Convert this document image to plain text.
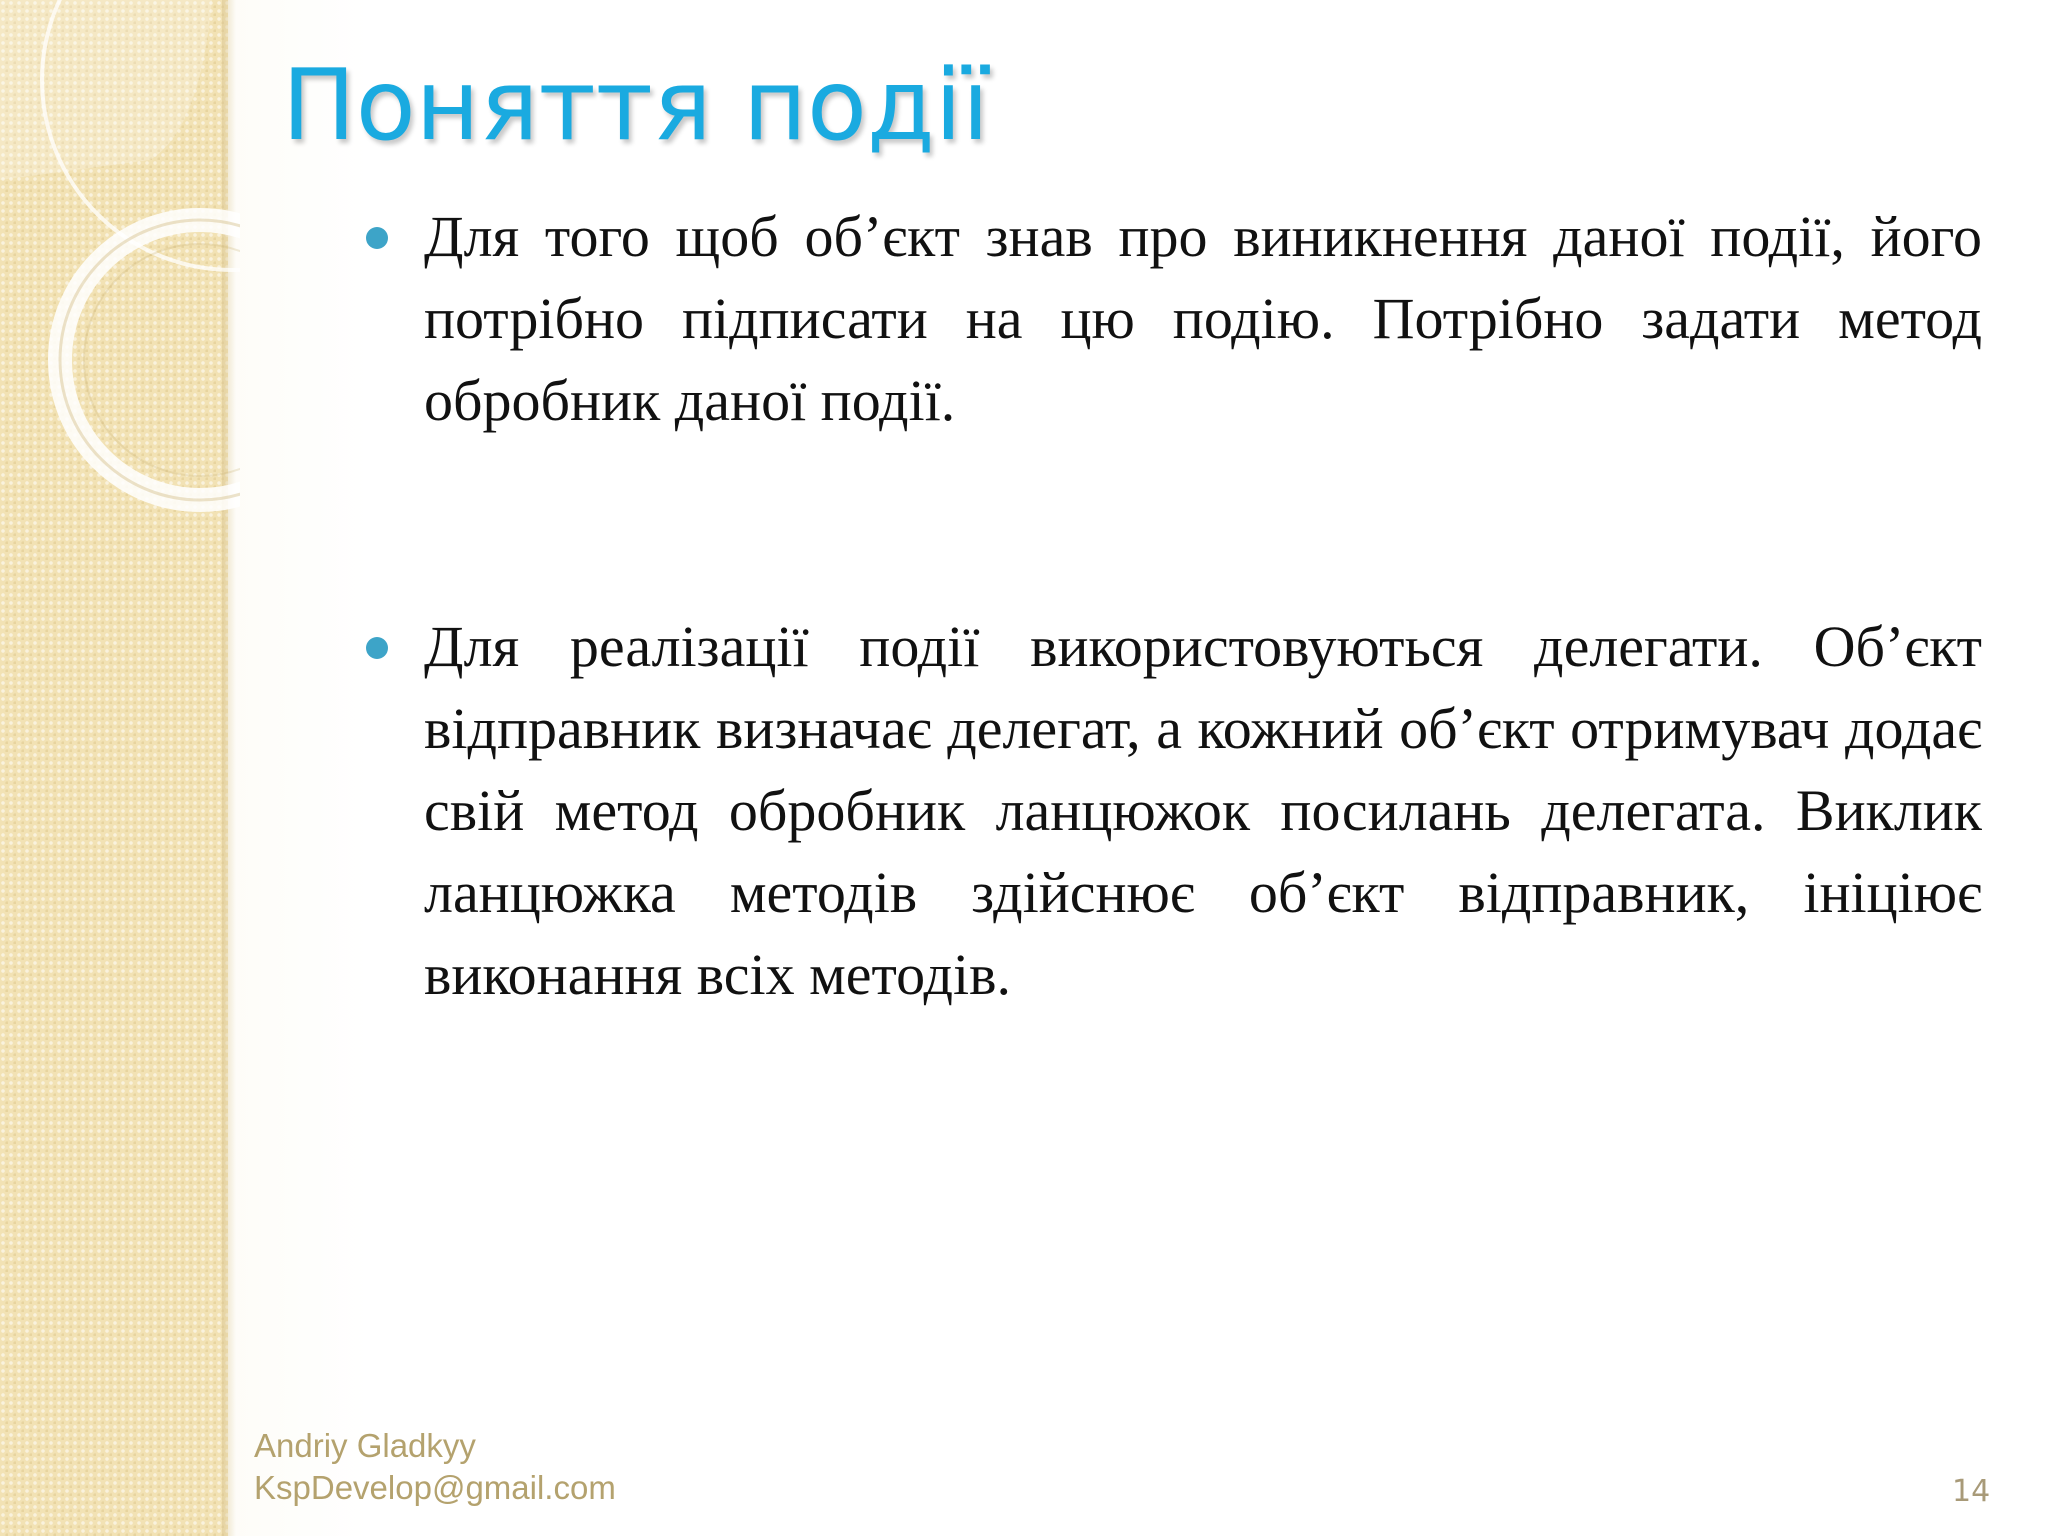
Поняття події
Для того щоб об’єкт знав про виникнення даної події, його потрібно підписати на цю подію. Потрібно задати метод обробник даної події.
Для реалізації події використовуються делегати. Об’єкт відправник визначає делегат, а кожний об’єкт отримувач додає свій метод обробник ланцюжок посилань делегата. Виклик ланцюжка методів здійснює об’єкт відправник, ініціює виконання всіх методів.
Andriy Gladkyy
KspDevelop@gmail.com	14
